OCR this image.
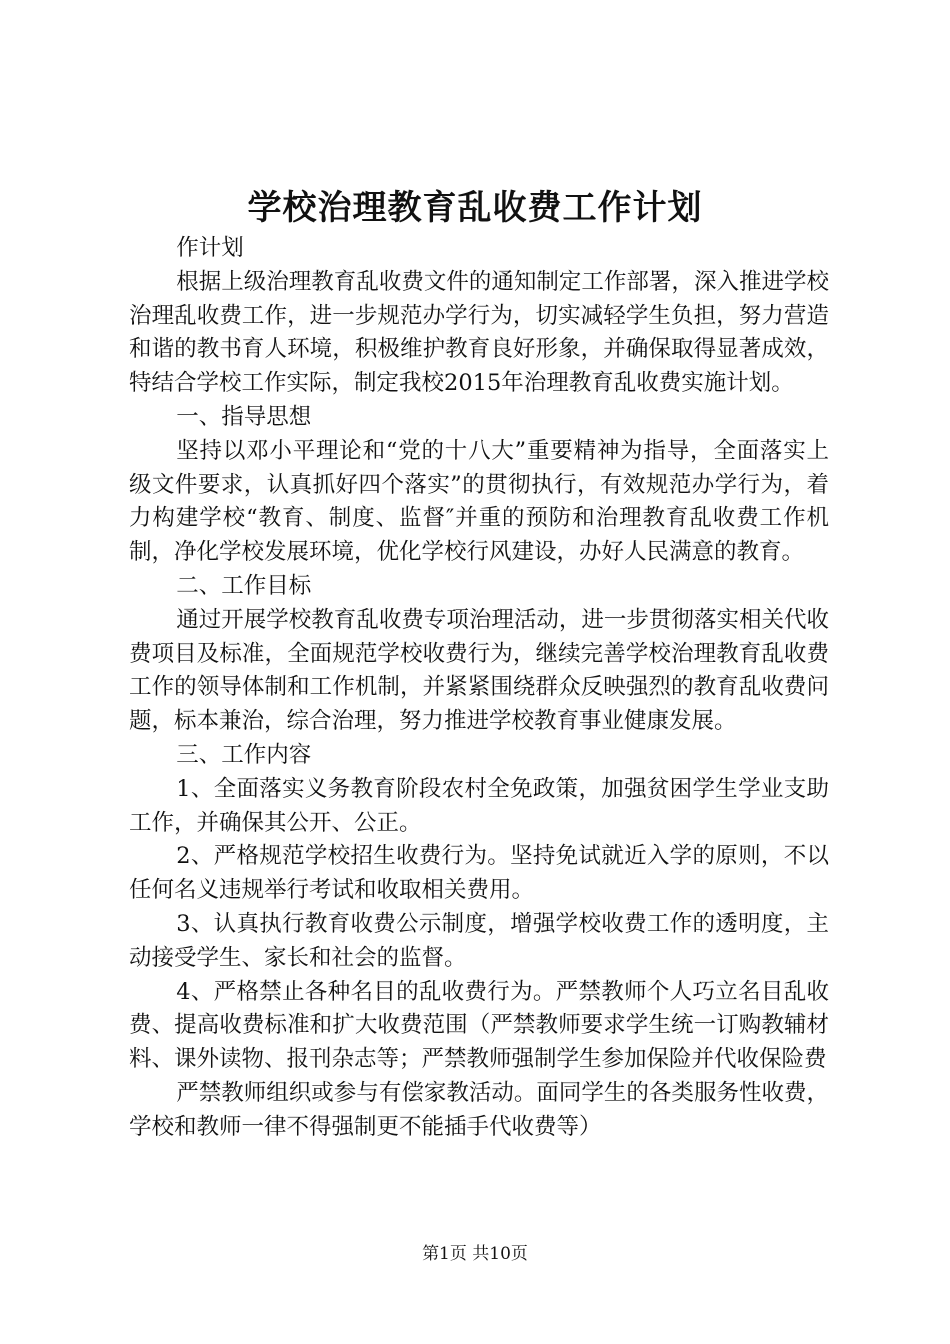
学校治理教育乱收费工作计划

作计划

根据上级治理教育乱收费文件的通知制定工作部署，深入推进学校治理乱收费工作，进一步规范办学行为，切实减轻学生负担，努力营造和谐的教书育人环境，积极维护教育良好形象，并确保取得显著成效，特结合学校工作实际，制定我校2015年治理教育乱收费实施计划。

一、指导思想

坚持以邓小平理论和“党的十八大”重要精神为指导，全面落实上级文件要求，认真抓好四个落实”的贯彻执行，有效规范办学行为，着力构建学校“教育、制度、监督″并重的预防和治理教育乱收费工作机制，净化学校发展环境，优化学校行风建设，办好人民满意的教育。

二、工作目标

通过开展学校教育乱收费专项治理活动，进一步贯彻落实相关代收费项目及标准，全面规范学校收费行为，继续完善学校治理教育乱收费工作的领导体制和工作机制，并紧紧围绕群众反映强烈的教育乱收费问题，标本兼治，综合治理，努力推进学校教育事业健康发展。

三、工作内容

1、全面落实义务教育阶段农村全免政策，加强贫困学生学业支助工作，并确保其公开、公正。

2、严格规范学校招生收费行为。坚持免试就近入学的原则，不以任何名义违规举行考试和收取相关费用。

3、认真执行教育收费公示制度，增强学校收费工作的透明度，主动接受学生、家长和社会的监督。

4、严格禁止各种名目的乱收费行为。严禁教师个人巧立名目乱收费、提高收费标准和扩大收费范围（严禁教师要求学生统一订购教辅材料、课外读物、报刊杂志等；严禁教师强制学生参加保险并代收保险费

严禁教师组织或参与有偿家教活动。面同学生的各类服务性收费，学校和教师一律不得强制更不能插手代收费等）

第1页 共10页
